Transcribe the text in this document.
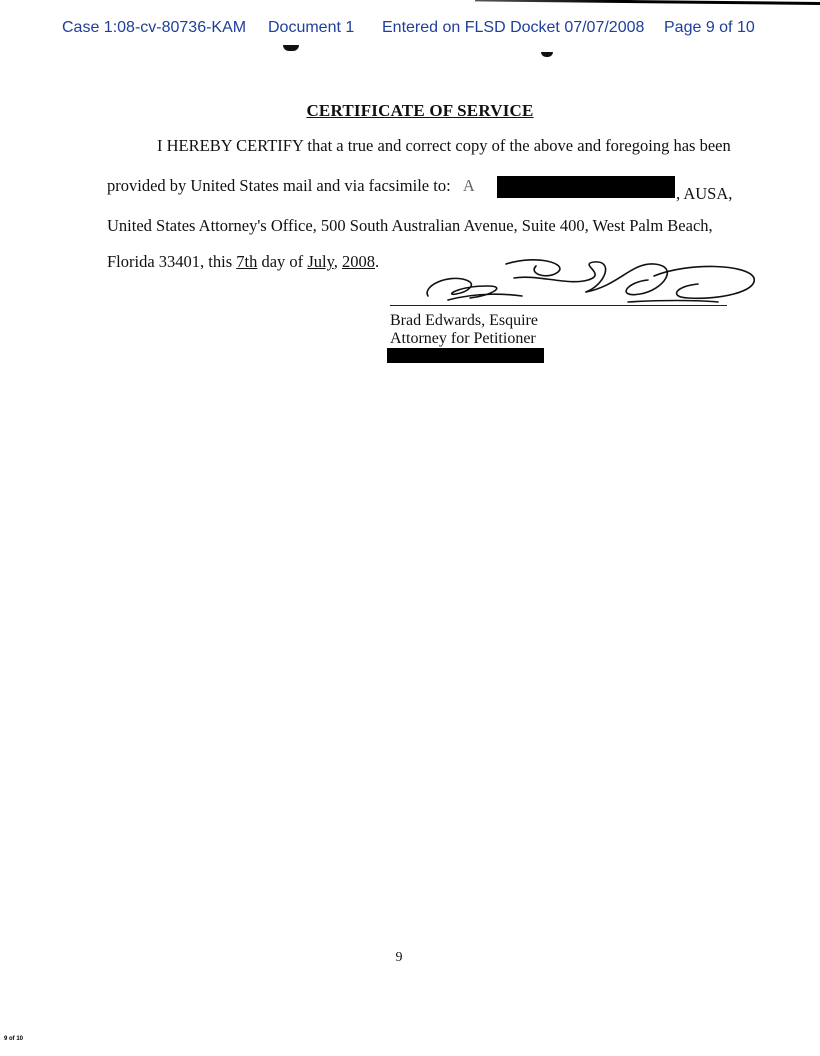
Case 1:08-cv-80736-KAM Document 1 Entered on FLSD Docket 07/07/2008 Page 9 of 10
CERTIFICATE OF SERVICE
I HEREBY CERTIFY that a true and correct copy of the above and foregoing has been
provided by United States mail and via facsimile to: A	, AUSA,
United States Attorney's Office, 500 South Australian Avenue, Suite 400, West Palm Beach,
Florida 33401, this 7th day of July, 2008.
Brad Edwards, Esquire
Attorney for Petitioner
9
9 of 10
